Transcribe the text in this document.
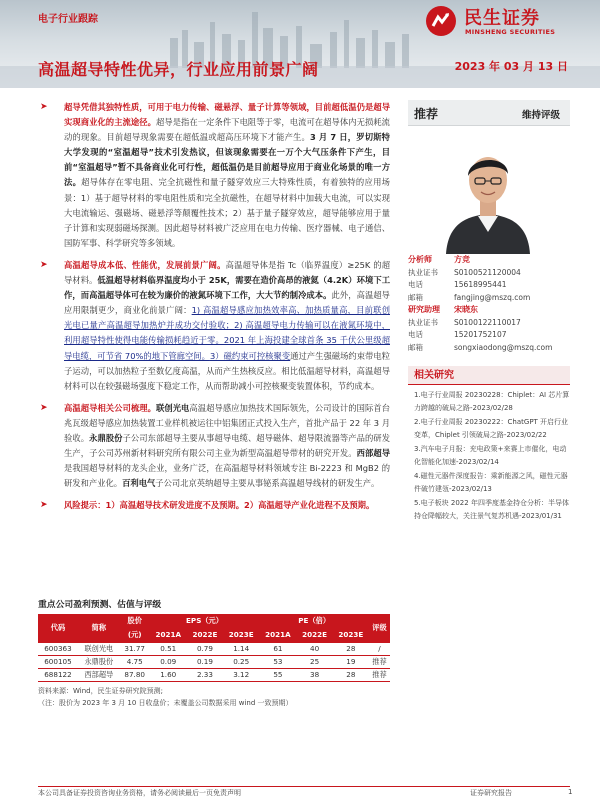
电子行业跟踪
高温超导特性优异，行业应用前景广阔	2023 年 03 月 13 日
民生证券
MINSHENG SECURITIES
➤ 超导凭借其独特性质，可用于电力传输、磁悬浮、量子计算等领域，目前超低温仍是超导实现商业化的主流途径。超导是指在一定条件下电阻等于零，电流可在超导体内无损耗流动的现象。目前超导现象需要在超低温或超高压环境下才能产生。3 月 7 日，罗切斯特大学发现的“室温超导”技术引发热议，但该现象需要在一万个大气压条件下产生，目前“室温超导”暂不具备商业化可行性，超低温仍是目前超导应用于商业化场景的唯一方法。超导体存在零电阻、完全抗磁性和量子隧穿效应三大特殊性质，有着独特的应用场景：1）基于超导材料的零电阻性质和完全抗磁性，在超导材料中加载大电流，可以实现大电流输运、强磁场、磁悬浮等颠覆性技术；2）基于量子隧穿效应，超导能够应用于量子计算和实现弱磁场探测。因此超导材料被广泛应用在电力传输、医疗器械、电子通信、国防军事、科学研究等多领域。
➤ 高温超导成本低、性能优，发展前景广阔。高温超导体是指 Tc（临界温度）≥25K 的超导材料。低温超导材料临界温度均小于 25K，需要在造价高昂的液氦（4.2K）环境下工作，而高温超导体可在较为廉价的液氮环境下工作，大大节约制冷成本。此外，高温超导应用限制更少，商业化前景广阔：1) 高温超导感应加热效率高、加热质量高，目前联创光电已量产高温超导加热炉并成功交付验收；2) 高温超导电力传输可以在液氮环境中，利用超导特性使得电能传输损耗趋近于零。2021 年上海投建全球首条 35 千伏公里级超导电缆，可节省 70%的地下管廊空间。3）磁约束可控核聚变通过产生强磁场约束带电粒子运动，可以加热粒子至数亿度高温，从而产生热核反应。相比低温超导材料，高温超导材料可以在较强磁场强度下稳定工作，从而帮助减小可控核聚变装置体积，节约成本。
➤ 高温超导相关公司梳理。联创光电高温超导感应加热技术国际领先，公司设计的国际首台兆瓦级超导感应加热装置工业样机被运往中铝集团正式投入生产，首批产品于 22 年 3 月验收。永鼎股份子公司东部超导主要从事超导电缆、超导磁体、超导限流器等产品的研发生产，子公司苏州新材料研究所有限公司主业为新型高温超导带材的研究开发。西部超导是我国超导材料的龙头企业，业务广泛，在高温超导材料领域专注 Bi-2223 和 MgB2 的研发和产业化。百利电气子公司北京英纳超导主要从事铋系高温超导线材的研发生产。
➤ 风险提示：1）高温超导技术研发进度不及预期。2）高温超导产业化进程不及预期。
推荐	维持评级
分析师	方竞
执业证书	S0100521120004
电话	15618995441
邮箱	fangjing@mszq.com
研究助理	宋晓东
执业证书	S0100122110017
电话	15201752107
邮箱	songxiaodong@mszq.com
相关研究
1.电子行业周报 20230228：Chiplet：AI 芯片算力跨越的破局之路-2023/02/28
2.电子行业周报 20230222：ChatGPT 开启行业变革，Chiplet 引领破局之路-2023/02/22
3.汽车电子月报：充电政策+来赛上市催化，电动化智能化加速-2023/02/14
4.磁性元器件深度报告：乘新能源之风，磁性元器件破竹建瓴-2023/02/13
5.电子板块 2022 年四季度基金持仓分析：半导体持仓降幅较大，关注景气复苏机遇-2023/01/31
重点公司盈利预测、估值与评级
代码	简称	股价	EPS（元）			PE（倍）			评级
		(元)	2021A	2022E	2023E	2021A	2022E	2023E	
600363	联创光电	31.77	0.51	0.79	1.14	61	40	28	/
600105	永鼎股份	4.75	0.09	0.19	0.25	53	25	19	推荐
688122	西部超导	87.80	1.60	2.33	3.12	55	38	28	推荐
资料来源：Wind，民生证券研究院预测;
（注：股价为 2023 年 3 月 10 日收盘价；未覆盖公司数据采用 wind 一致预期）
本公司具备证券投资咨询业务资格，请务必阅读最后一页免责声明	证券研究报告	1
